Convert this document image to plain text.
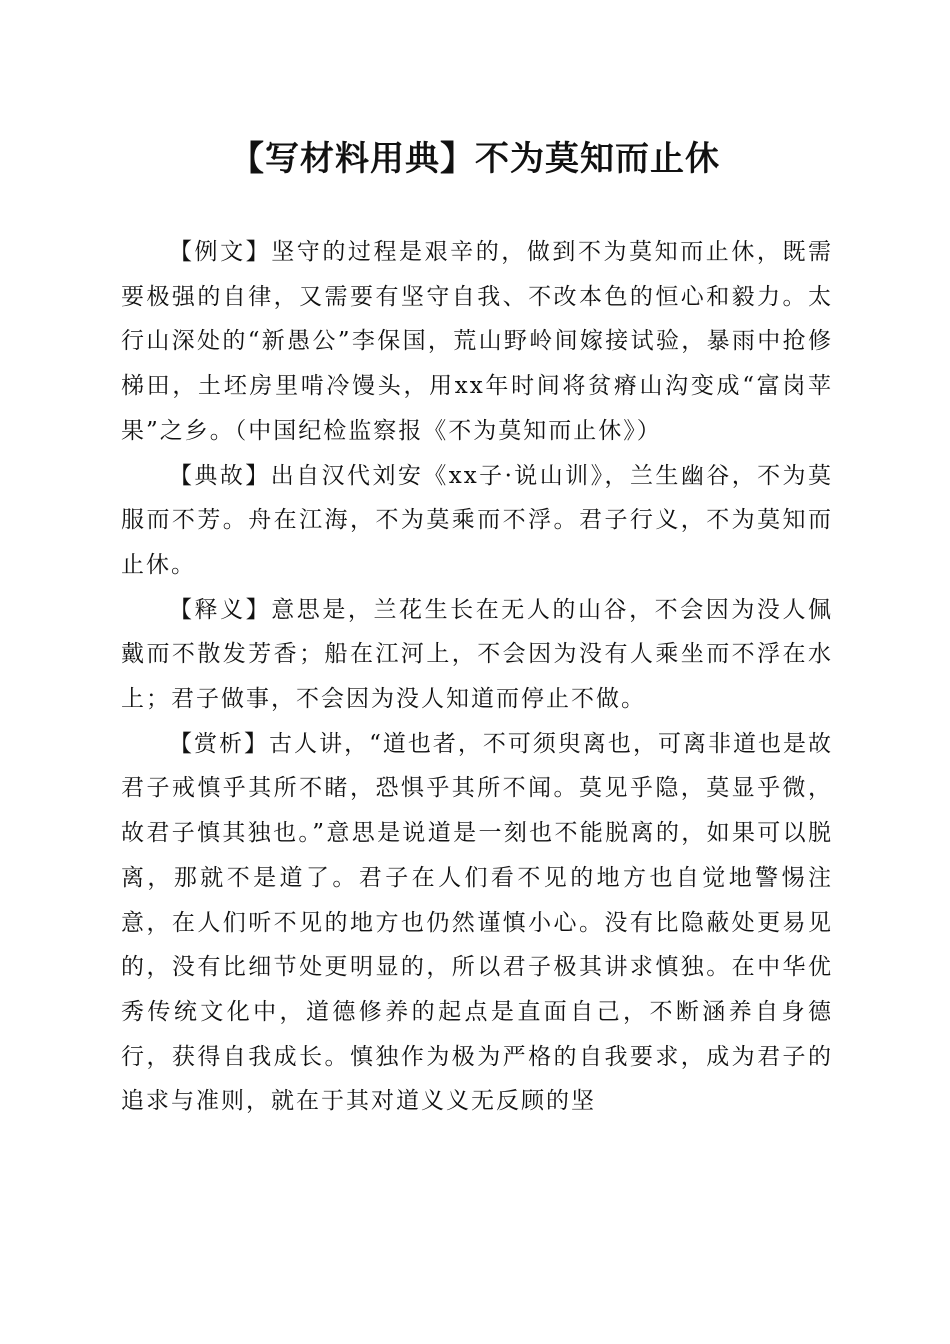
【写材料用典】不为莫知而止休

【例文】坚守的过程是艰辛的，做到不为莫知而止休，既需要极强的自律，又需要有坚守自我、不改本色的恒心和毅力。太行山深处的“新愚公”李保国，荒山野岭间嫁接试验，暴雨中抢修梯田，土坯房里啃冷馒头，用xx年时间将贫瘠山沟变成“富岗苹果”之乡。（中国纪检监察报《不为莫知而止休》）

【典故】出自汉代刘安《xx子·说山训》，兰生幽谷，不为莫服而不芳。舟在江海，不为莫乘而不浮。君子行义，不为莫知而止休。

【释义】意思是，兰花生长在无人的山谷，不会因为没人佩戴而不散发芳香；船在江河上，不会因为没有人乘坐而不浮在水上；君子做事，不会因为没人知道而停止不做。

【赏析】古人讲，“道也者，不可须臾离也，可离非道也是故君子戒慎乎其所不睹，恐惧乎其所不闻。莫见乎隐，莫显乎微，故君子慎其独也。”意思是说道是一刻也不能脱离的，如果可以脱离，那就不是道了。君子在人们看不见的地方也自觉地警惕注意，在人们听不见的地方也仍然谨慎小心。没有比隐蔽处更易见的，没有比细节处更明显的，所以君子极其讲求慎独。在中华优秀传统文化中，道德修养的起点是直面自己，不断涵养自身德行，获得自我成长。慎独作为极为严格的自我要求，成为君子的追求与准则，就在于其对道义义无反顾的坚
